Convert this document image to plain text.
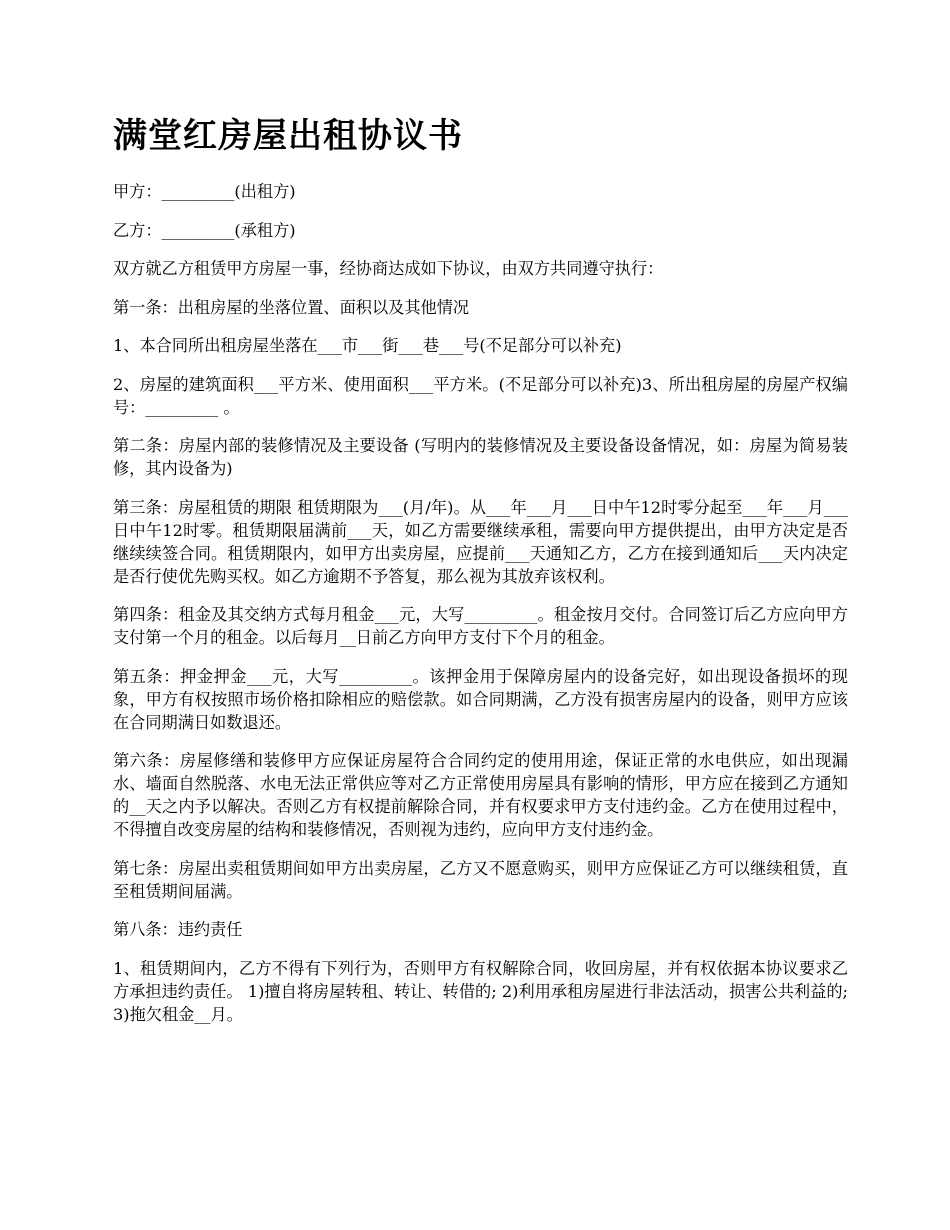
满堂红房屋出租协议书

甲方：_________(出租方)

乙方：_________(承租方)

双方就乙方租赁甲方房屋一事，经协商达成如下协议，由双方共同遵守执行：

第一条：出租房屋的坐落位置、面积以及其他情况

1、本合同所出租房屋坐落在___市___街___巷___号(不足部分可以补充)

2、房屋的建筑面积___平方米、使用面积___平方米。(不足部分可以补充)3、所出租房屋的房屋产权编号：_________ 。

第二条：房屋内部的装修情况及主要设备 (写明内的装修情况及主要设备设备情况，如：房屋为简易装修，其内设备为)

第三条：房屋租赁的期限 租赁期限为___(月/年)。从___年___月___日中午12时零分起至___年___月___日中午12时零。租赁期限届满前___天，如乙方需要继续承租，需要向甲方提供提出，由甲方决定是否继续续签合同。租赁期限内，如甲方出卖房屋，应提前___天通知乙方，乙方在接到通知后___天内决定是否行使优先购买权。如乙方逾期不予答复，那么视为其放弃该权利。

第四条：租金及其交纳方式每月租金___元，大写_________。租金按月交付。合同签订后乙方应向甲方支付第一个月的租金。以后每月__日前乙方向甲方支付下个月的租金。

第五条：押金押金___元，大写_________。该押金用于保障房屋内的设备完好，如出现设备损坏的现象，甲方有权按照市场价格扣除相应的赔偿款。如合同期满，乙方没有损害房屋内的设备，则甲方应该在合同期满日如数退还。

第六条：房屋修缮和装修甲方应保证房屋符合合同约定的使用用途，保证正常的水电供应，如出现漏水、墙面自然脱落、水电无法正常供应等对乙方正常使用房屋具有影响的情形，甲方应在接到乙方通知的__天之内予以解决。否则乙方有权提前解除合同，并有权要求甲方支付违约金。乙方在使用过程中，不得擅自改变房屋的结构和装修情况，否则视为违约，应向甲方支付违约金。

第七条：房屋出卖租赁期间如甲方出卖房屋，乙方又不愿意购买，则甲方应保证乙方可以继续租赁，直至租赁期间届满。

第八条：违约责任

1、租赁期间内，乙方不得有下列行为，否则甲方有权解除合同，收回房屋，并有权依据本协议要求乙方承担违约责任。 1)擅自将房屋转租、转让、转借的; 2)利用承租房屋进行非法活动，损害公共利益的; 3)拖欠租金__月。
